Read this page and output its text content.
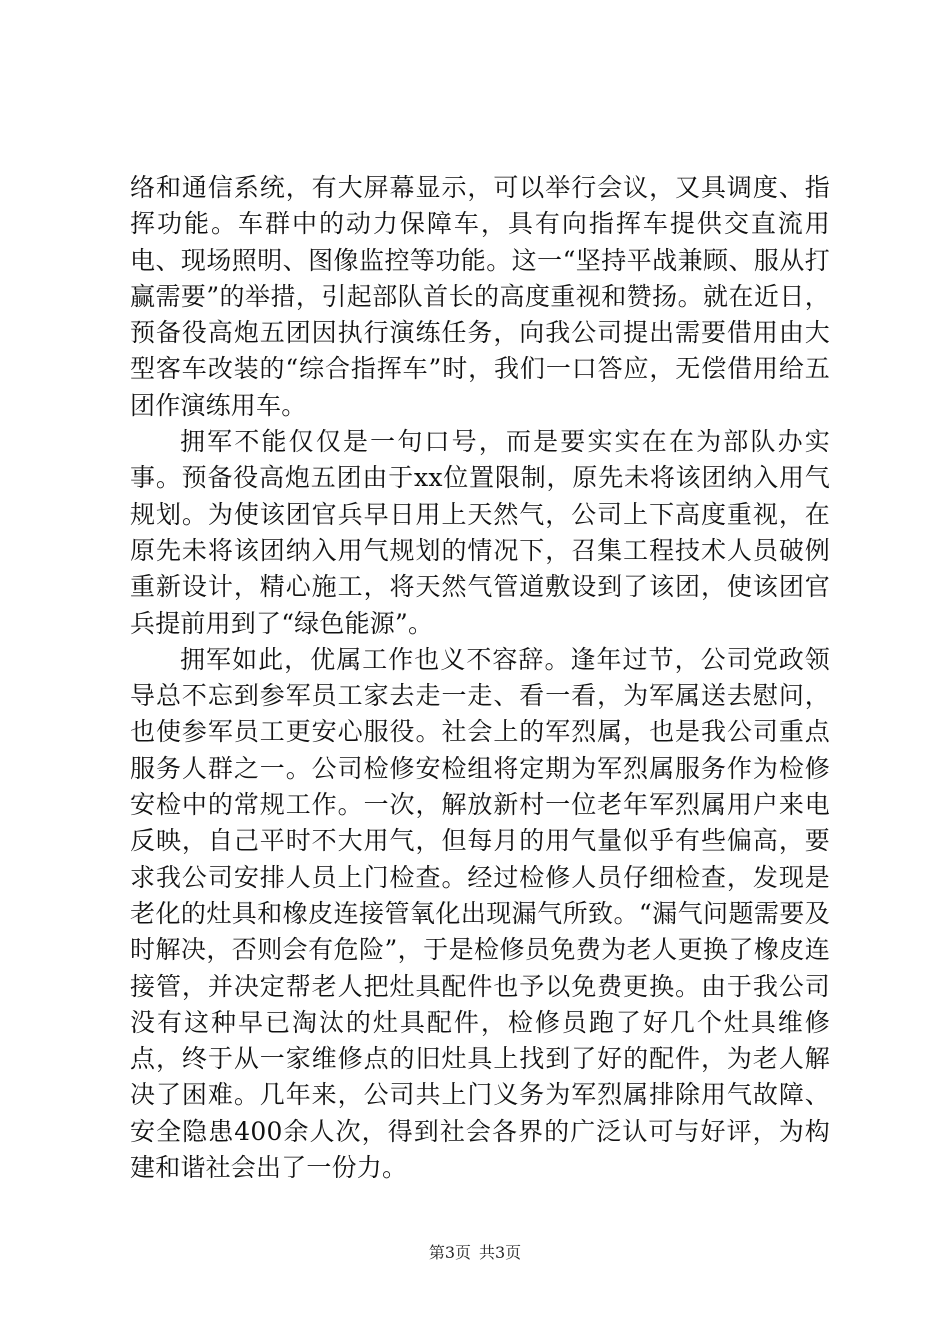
络和通信系统，有大屏幕显示，可以举行会议，又具调度、指挥功能。车群中的动力保障车，具有向指挥车提供交直流用电、现场照明、图像监控等功能。这一“坚持平战兼顾、服从打赢需要”的举措，引起部队首长的高度重视和赞扬。就在近日，预备役高炮五团因执行演练任务，向我公司提出需要借用由大型客车改装的“综合指挥车”时，我们一口答应，无偿借用给五团作演练用车。

拥军不能仅仅是一句口号，而是要实实在在为部队办实事。预备役高炮五团由于xx位置限制，原先未将该团纳入用气规划。为使该团官兵早日用上天然气，公司上下高度重视，在原先未将该团纳入用气规划的情况下，召集工程技术人员破例重新设计，精心施工，将天然气管道敷设到了该团，使该团官兵提前用到了“绿色能源”。

拥军如此，优属工作也义不容辞。逢年过节，公司党政领导总不忘到参军员工家去走一走、看一看，为军属送去慰问，也使参军员工更安心服役。社会上的军烈属，也是我公司重点服务人群之一。公司检修安检组将定期为军烈属服务作为检修安检中的常规工作。一次，解放新村一位老年军烈属用户来电反映，自己平时不大用气，但每月的用气量似乎有些偏高，要求我公司安排人员上门检查。经过检修人员仔细检查，发现是老化的灶具和橡皮连接管氧化出现漏气所致。“漏气问题需要及时解决，否则会有危险”，于是检修员免费为老人更换了橡皮连接管，并决定帮老人把灶具配件也予以免费更换。由于我公司没有这种早已淘汰的灶具配件，检修员跑了好几个灶具维修点，终于从一家维修点的旧灶具上找到了好的配件，为老人解决了困难。几年来，公司共上门义务为军烈属排除用气故障、安全隐患400余人次，得到社会各界的广泛认可与好评，为构建和谐社会出了一份力。

第3页 共3页
